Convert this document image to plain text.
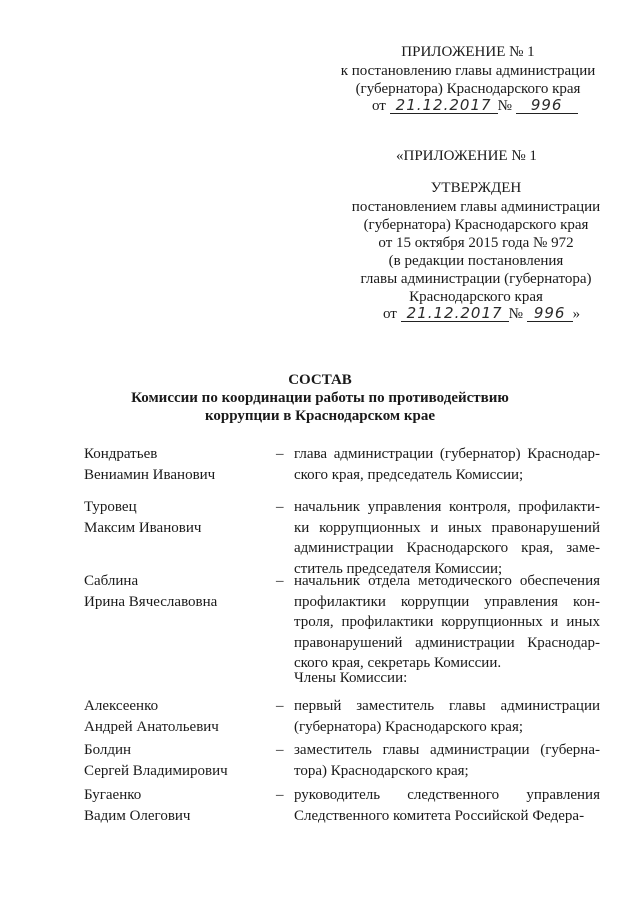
ПРИЛОЖЕНИЕ № 1
к постановлению главы администрации
(губернатора) Краснодарского края
от 21.12.2017 № 996
«ПРИЛОЖЕНИЕ № 1
УТВЕРЖДЕН
постановлением главы администрации
(губернатора) Краснодарского края
от 15 октября 2015 года № 972
(в редакции постановления
главы администрации (губернатора)
Краснодарского края
от 21.12.2017 № 996 »
СОСТАВ
Комиссии по координации работы по противодействию
коррупции в Краснодарском крае
Кондратьев
Вениамин Иванович
– глава администрации (губернатор) Краснодар-ского края, председатель Комиссии;
Туровец
Максим Иванович
– начальник управления контроля, профилакти-ки коррупционных и иных правонарушений администрации Краснодарского края, заме-ститель председателя Комиссии;
Саблина
Ирина Вячеславовна
– начальник отдела методического обеспечения профилактики коррупции управления кон-троля, профилактики коррупционных и иных правонарушений администрации Краснодар-ского края, секретарь Комиссии.
Члены Комиссии:
Алексеенко
Андрей Анатольевич
– первый заместитель главы администрации (губернатора) Краснодарского края;
Болдин
Сергей Владимирович
– заместитель главы администрации (губерна-тора) Краснодарского края;
Бугаенко
Вадим Олегович
– руководитель следственного управления Следственного комитета Российской Федера-
